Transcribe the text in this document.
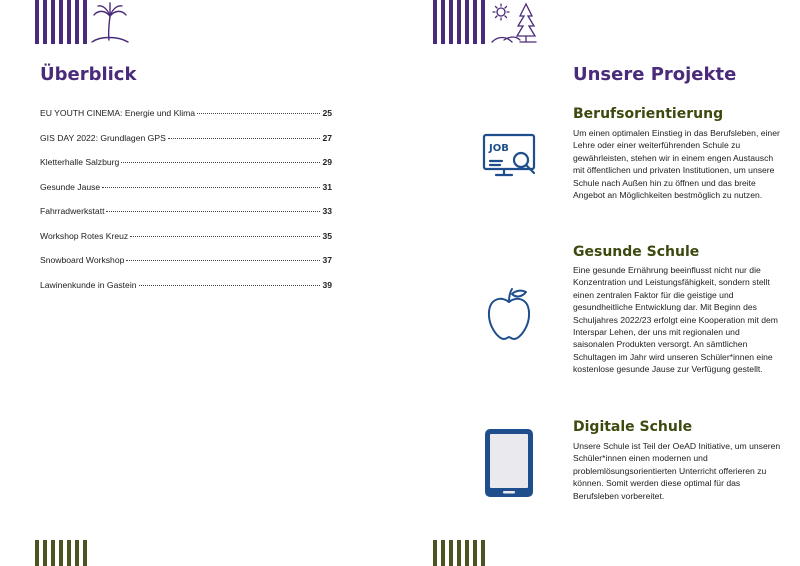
Überblick
EU YOUTH CINEMA: Energie und Klima	25
GIS DAY 2022: Grundlagen GPS	27
Kletterhalle Salzburg	29
Gesunde Jause	31
Fahrradwerkstatt	33
Workshop Rotes Kreuz	35
Snowboard Workshop	37
Lawinenkunde in Gastein	39
Unsere Projekte
JOB
Berufsorientierung
Um einen optimalen Einstieg in das Berufsleben, einer Lehre oder einer weiterführenden Schule zu gewährleisten, stehen wir in einem engen Austausch mit öffentlichen und privaten Institutionen, um unsere Schule nach Außen hin zu öffnen und das breite Angebot an Möglichkeiten bestmöglich zu nutzen.
Gesunde Schule
Eine gesunde Ernährung beeinflusst nicht nur die Konzentration und Leistungsfähigkeit, sondern stellt einen zentralen Faktor für die geistige und gesundheitliche Entwicklung dar. Mit Beginn des Schuljahres 2022/23 erfolgt eine Kooperation mit dem Interspar Lehen, der uns mit regionalen und saisonalen Produkten versorgt. An sämtlichen Schultagen im Jahr wird unseren Schüler*innen eine kostenlose gesunde Jause zur Verfügung gestellt.
Digitale Schule
Unsere Schule ist Teil der OeAD Initiative, um unseren Schüler*innen einen modernen und problemlösungsorientierten Unterricht offerieren zu können. Somit werden diese optimal für das Berufsleben vorbereitet.
